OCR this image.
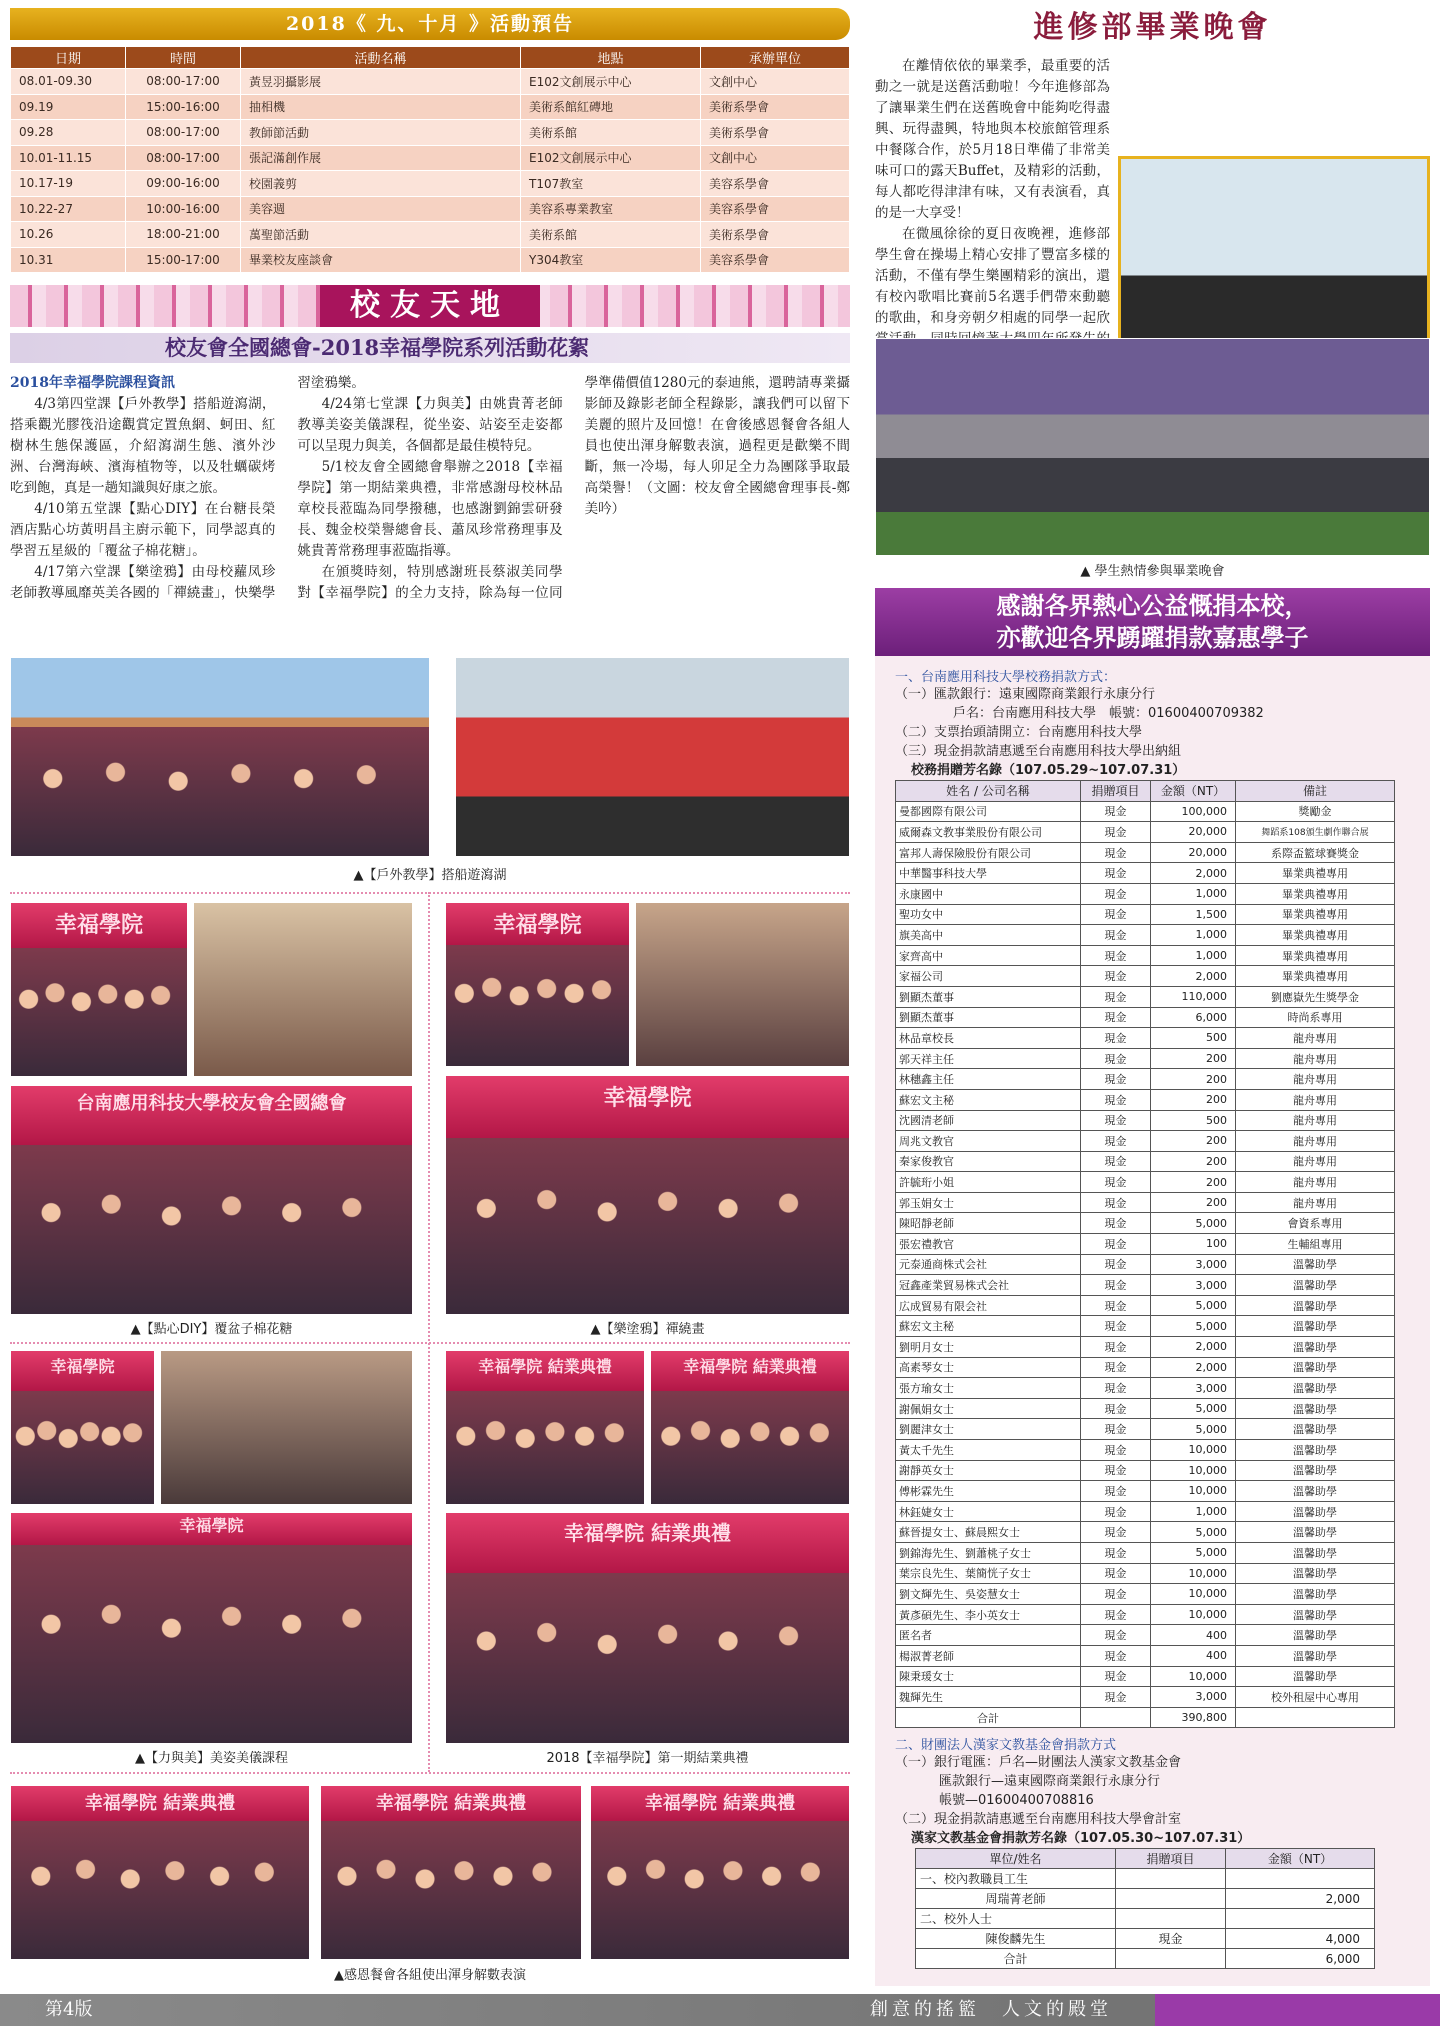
2018《 九、十月 》活動預告
日期	時間	活動名稱	地點	承辦單位
08.01-09.30	08:00-17:00	黃昱羽攝影展	E102文創展示中心	文創中心
09.19	15:00-16:00	抽相機	美術系館紅磚地	美術系學會
09.28	08:00-17:00	教師節活動	美術系館	美術系學會
10.01-11.15	08:00-17:00	張記滿創作展	E102文創展示中心	文創中心
10.17-19	09:00-16:00	校園義剪	T107教室	美容系學會
10.22-27	10:00-16:00	美容週	美容系專業教室	美容系學會
10.26	18:00-21:00	萬聖節活動	美術系館	美術系學會
10.31	15:00-17:00	畢業校友座談會	Y304教室	美容系學會
校友天地
校友會全國總會-2018幸福學院系列活動花絮
2018年幸福學院課程資訊

4/3第四堂課【戶外教學】搭船遊瀉湖，搭乘觀光膠筏沿途觀賞定置魚網、蚵田、紅樹林生態保護區，介紹瀉湖生態、濱外沙洲、台灣海峽、濱海植物等，以及牡蠣碳烤吃到飽，真是一趟知識與好康之旅。

4/10第五堂課【點心DIY】在台糖長榮酒店點心坊黃明昌主廚示範下，同學認真的學習五星級的「覆盆子棉花糖」。

4/17第六堂課【樂塗鴉】由母校蘿凤珍老師教導風靡英美各國的「禪繞畫」，快樂學習塗鴉樂。

4/24第七堂課【力與美】由姚貴菁老師教導美姿美儀課程，從坐姿、站姿至走姿都可以呈現力與美，各個都是最佳模特兒。

5/1校友會全國總會舉辦之2018【幸福學院】第一期結業典禮，非常感謝母校林品章校長蒞臨為同學撥穗，也感謝劉錦雲研發長、魏金校榮譽總會長、蕭凤珍常務理事及姚貴菁常務理事蒞臨指導。

在頒獎時刻，特別感謝班長蔡淑美同學對【幸福學院】的全力支持，除為每一位同學準備價值1280元的泰迪熊，還聘請專業攝影師及錄影老師全程錄影，讓我們可以留下美麗的照片及回憶！在會後感恩餐會各組人員也使出渾身解數表演，過程更是歡樂不間斷，無一冷場，每人卯足全力為團隊爭取最高榮譽！（文圖：校友會全國總會理事長-鄭美吟）

▲【戶外教學】搭船遊瀉湖
幸福學院	幸福學院
台南應用科技大學校友會全國總會	幸福學院
▲【點心DIY】覆盆子棉花糖	▲【樂塗鴉】禪繞畫
幸福學院	幸福學院 結業典禮	幸福學院 結業典禮
幸福學院	幸福學院 結業典禮
▲【力與美】美姿美儀課程	2018【幸福學院】第一期結業典禮
幸福學院 結業典禮	幸福學院 結業典禮	幸福學院 結業典禮
▲感恩餐會各組使出渾身解數表演
進修部畢業晚會

在離情依依的畢業季，最重要的活動之一就是送舊活動啦！今年進修部為了讓畢業生們在送舊晚會中能夠吃得盡興、玩得盡興，特地與本校旅館管理系中餐隊合作，於5月18日準備了非常美味可口的露天Buffet，及精彩的活動，每人都吃得津津有味，又有表演看，真的是一大享受！

在微風徐徐的夏日夜晚裡，進修部學生會在操場上精心安排了豐富多樣的活動，不僅有學生樂團精彩的演出，還有校內歌唱比賽前5名選手們帶來動聽的歌曲，和身旁朝夕相處的同學一起欣

▲ 學生熱情參與畢業晚會
感謝各界熱心公益慨捐本校，
亦歡迎各界踴躍捐款嘉惠學子
一、台南應用科技大學校務捐款方式：
（一）匯款銀行：遠東國際商業銀行永康分行
戶名：台南應用科技大學　帳號：01600400709382
（二）支票抬頭請開立：台南應用科技大學
（三）現金捐款請惠遞至台南應用科技大學出納組
校務捐贈芳名錄（107.05.29~107.07.31）
姓名 / 公司名稱	捐贈項目	金額（NT）	備註
曼都國際有限公司	現金	100,000	獎勵金
威爾森文教事業股份有限公司	現金	20,000	舞蹈系108頒生劇作聯合展
富邦人壽保險股份有限公司	現金	20,000	系際盃籃球賽獎金
中華醫事科技大學	現金	2,000	畢業典禮專用
永康國中	現金	1,000	畢業典禮專用
聖功女中	現金	1,500	畢業典禮專用
旗美高中	現金	1,000	畢業典禮專用
家齊高中	現金	1,000	畢業典禮專用
家福公司	現金	2,000	畢業典禮專用
劉顯杰董事	現金	110,000	劉應嶽先生獎學金
劉顯杰董事	現金	6,000	時尚系專用
林品章校長	現金	500	龍舟專用
郭天祥主任	現金	200	龍舟專用
林穗鑫主任	現金	200	龍舟專用
蘇宏文主秘	現金	200	龍舟專用
沈國清老師	現金	500	龍舟專用
周兆文教官	現金	200	龍舟專用
秦家俊教官	現金	200	龍舟專用
許毓珩小姐	現金	200	龍舟專用
郭玉娟女士	現金	200	龍舟專用
陳昭靜老師	現金	5,000	會資系專用
張宏禮教官	現金	100	生輔組專用
元泰通商株式会社	現金	3,000	溫馨助學
冠鑫產業貿易株式会社	現金	3,000	溫馨助學
広成貿易有限会社	現金	5,000	溫馨助學
蘇宏文主秘	現金	5,000	溫馨助學
劉明月女士	現金	2,000	溫馨助學
高素琴女士	現金	2,000	溫馨助學
張方瑜女士	現金	3,000	溫馨助學
謝佩娟女士	現金	5,000	溫馨助學
劉麗津女士	現金	5,000	溫馨助學
黃太千先生	現金	10,000	溫馨助學
謝靜英女士	現金	10,000	溫馨助學
傅彬霖先生	現金	10,000	溫馨助學
林鈺婕女士	現金	1,000	溫馨助學
蘇晉提女士、蘇晨熙女士	現金	5,000	溫馨助學
劉錦海先生、劉蕭桃子女士	現金	5,000	溫馨助學
葉宗良先生、葉簡恍子女士	現金	10,000	溫馨助學
劉文輝先生、吳姿慧女士	現金	10,000	溫馨助學
黃彥碩先生、李小英女士	現金	10,000	溫馨助學
匿名者	現金	400	溫馨助學
楊淑菁老師	現金	400	溫馨助學
陳秉瑗女士	現金	10,000	溫馨助學
魏輝先生	現金	3,000	校外租屋中心專用
合計		390,800	
二、財團法人漢家文教基金會捐款方式
（一）銀行電匯：戶名—財團法人漢家文教基金會
匯款銀行—遠東國際商業銀行永康分行
帳號—01600400708816
（二）現金捐款請惠遞至台南應用科技大學會計室
漢家文教基金會捐款芳名錄（107.05.30~107.07.31）
單位/姓名	捐贈項目	金額（NT）
一、校內教職員工生		
周瑞菁老師		2,000
二、校外人士		
陳俊麟先生	現金	4,000
合計		6,000
第4版	創意的搖籃　人文的殿堂
